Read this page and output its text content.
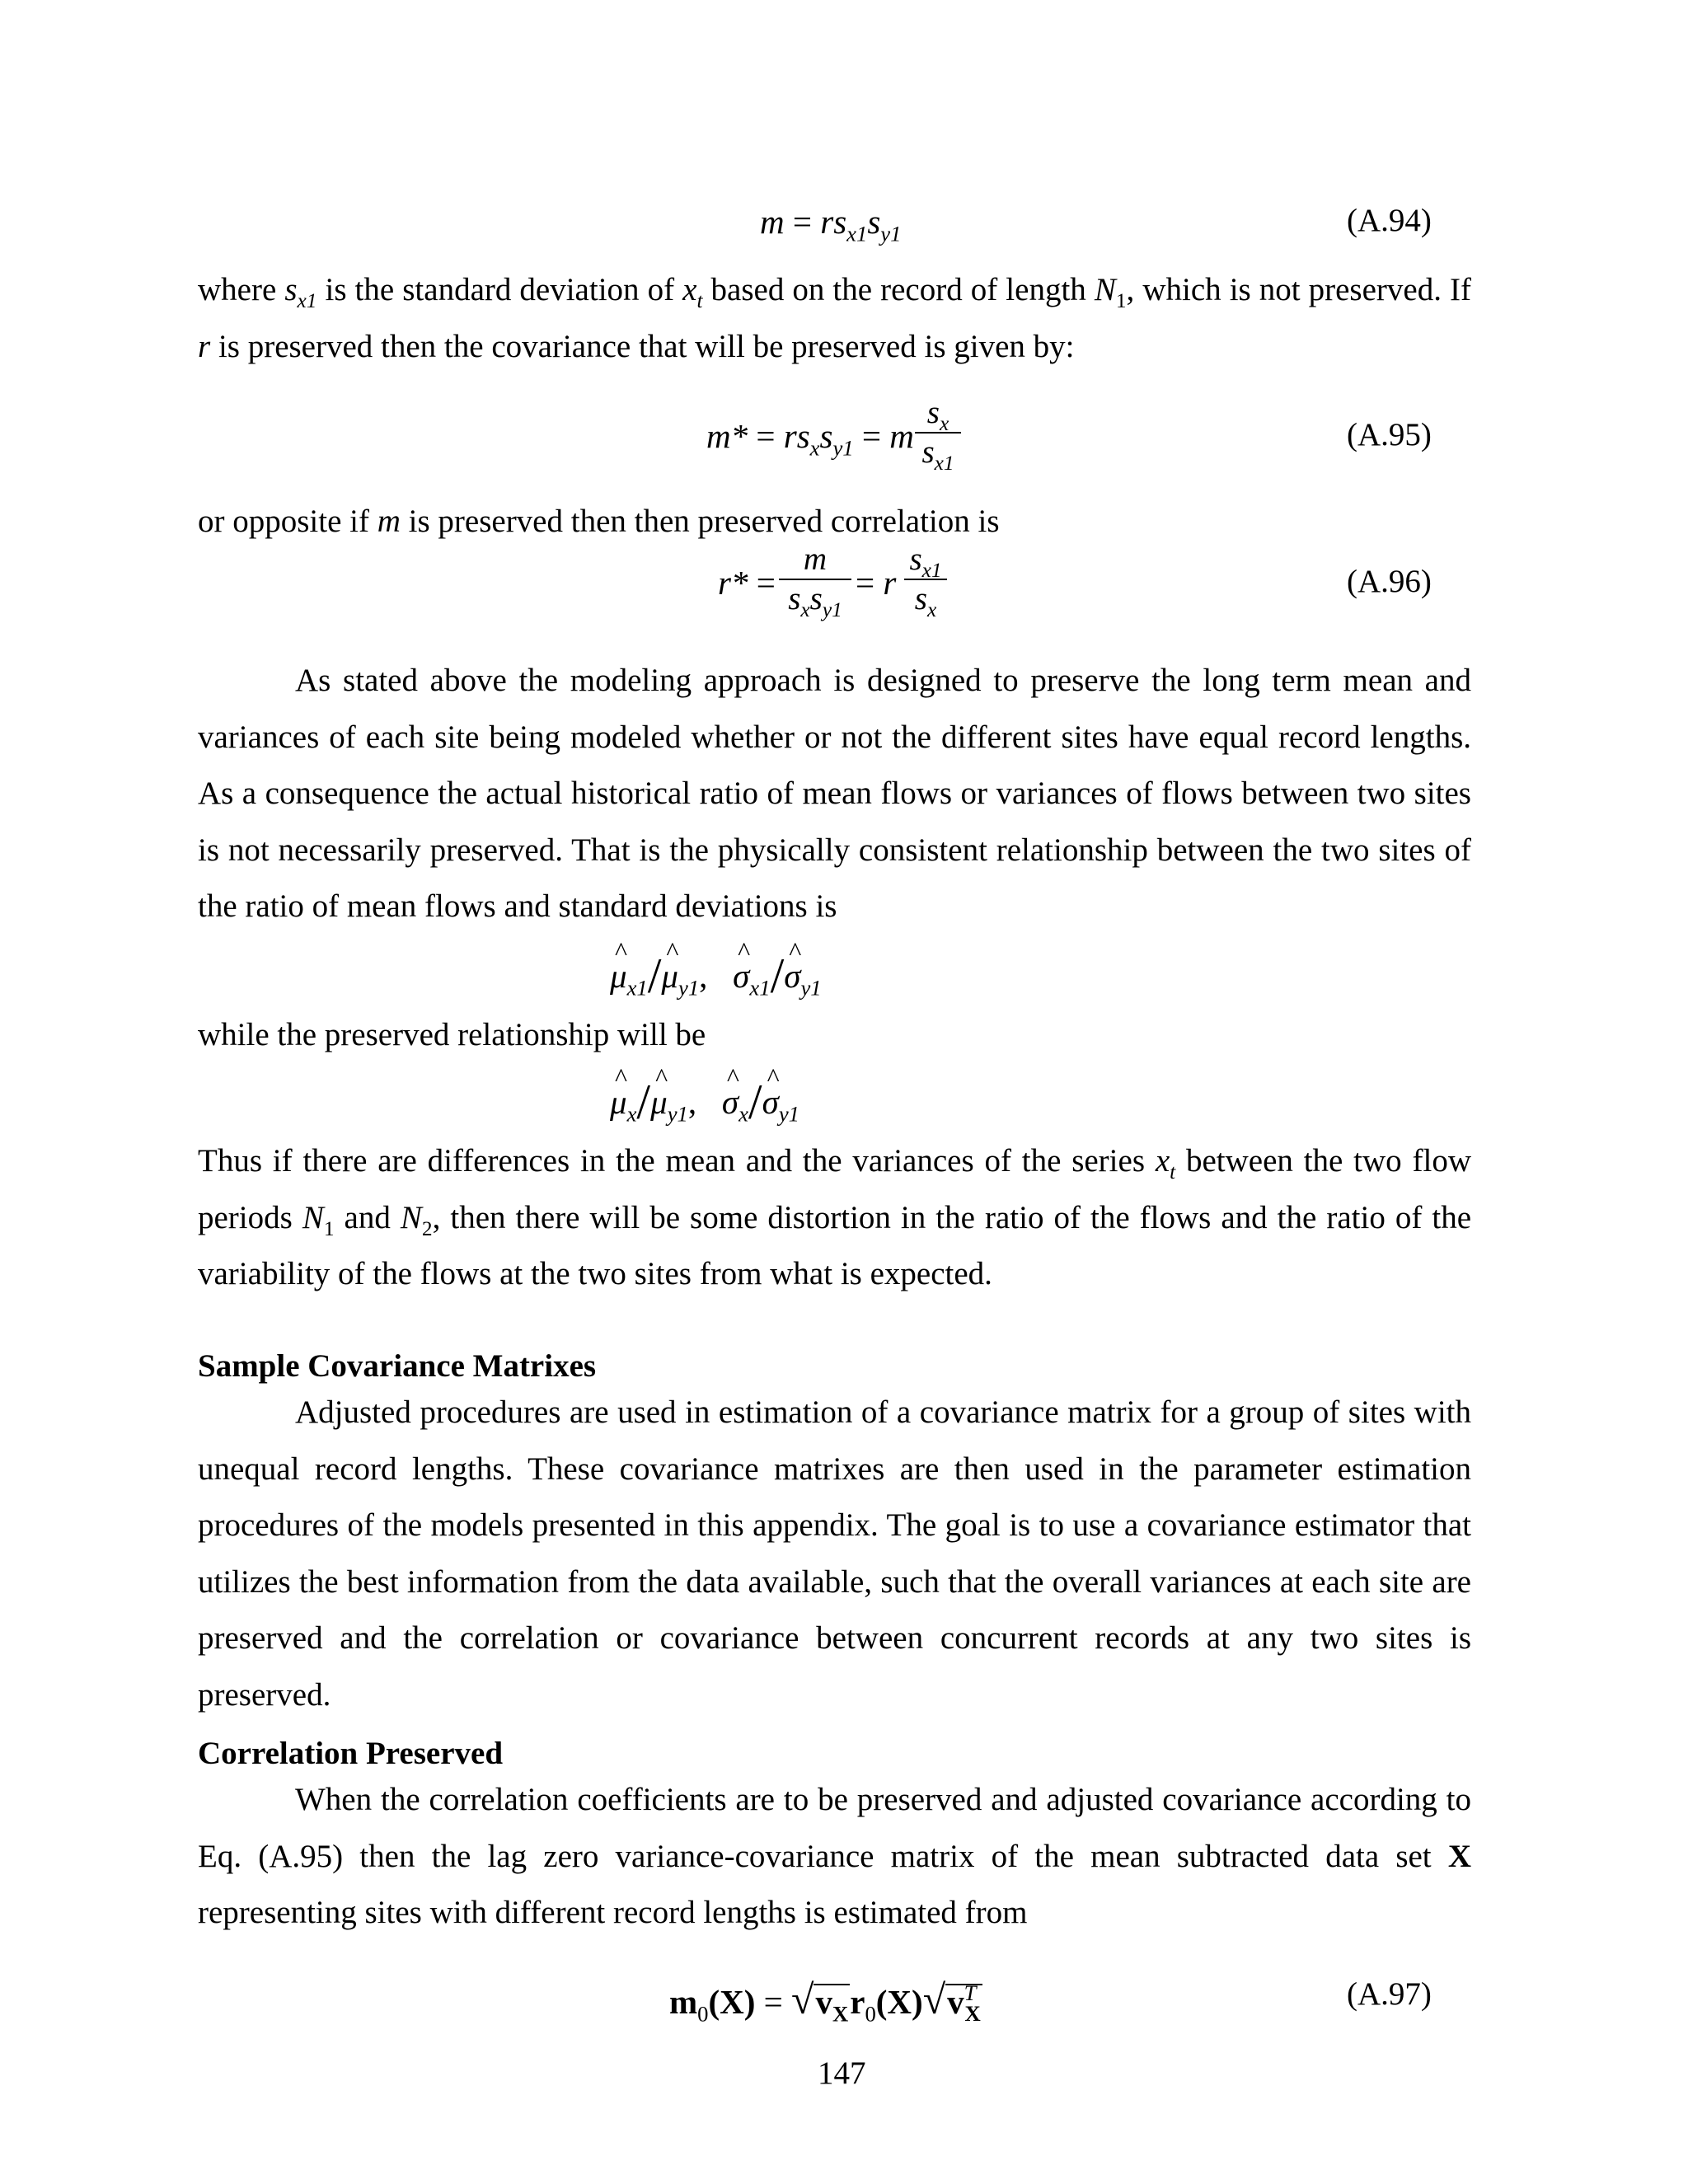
$m = rs_{x1}s_{y1}$	(A.94)

where $s_{x1}$ is the standard deviation of $x_t$ based on the record of length $N_1$, which is not preserved. If r is preserved then the covariance that will be preserved is given by:

$m* = rs_xs_{y1} = m$
$s_x$
$s_{x1}$
(A.95)

or opposite if m is preserved then then preserved correlation is

r* =
m
$s_xs_{y1}$
= r
$s_{x1}$
$s_x$
(A.96)

As stated above the modeling approach is designed to preserve the long term mean and variances of each site being modeled whether or not the different sites have equal record lengths. As a consequence the actual historical ratio of mean flows or variances of flows between two sites is not necessarily preserved. That is the physically consistent relationship between the two sites of the ratio of mean flows and standard deviations is

^ $\mu_{x1}/\^{}$ $\mu_{y1}$, ^ $\sigma_{x1}/\^{}$ $\sigma_{y1}$

while the preserved relationship will be

^ $\mu_x/\^{}$ $\mu_{y1}$, ^ $\sigma_x/\^{}$ $\sigma_{y1}$

Thus if there are differences in the mean and the variances of the series $x_t$ between the two flow periods $N_1$ and $N_2$, then there will be some distortion in the ratio of the flows and the ratio of the variability of the flows at the two sites from what is expected.

Sample Covariance Matrixes

Adjusted procedures are used in estimation of a covariance matrix for a group of sites with unequal record lengths. These covariance matrixes are then used in the parameter estimation procedures of the models presented in this appendix. The goal is to use a covariance estimator that utilizes the best information from the data available, such that the overall variances at each site are preserved and the correlation or covariance between concurrent records at any two sites is preserved.

Correlation Preserved

When the correlation coefficients are to be preserved and adjusted covariance according to Eq. (A.95) then the lag zero variance-covariance matrix of the mean subtracted data set X representing sites with different record lengths is estimated from

$m_0(X) = √v_Xr_0(X)√v^T_X$
(A.97)
147
